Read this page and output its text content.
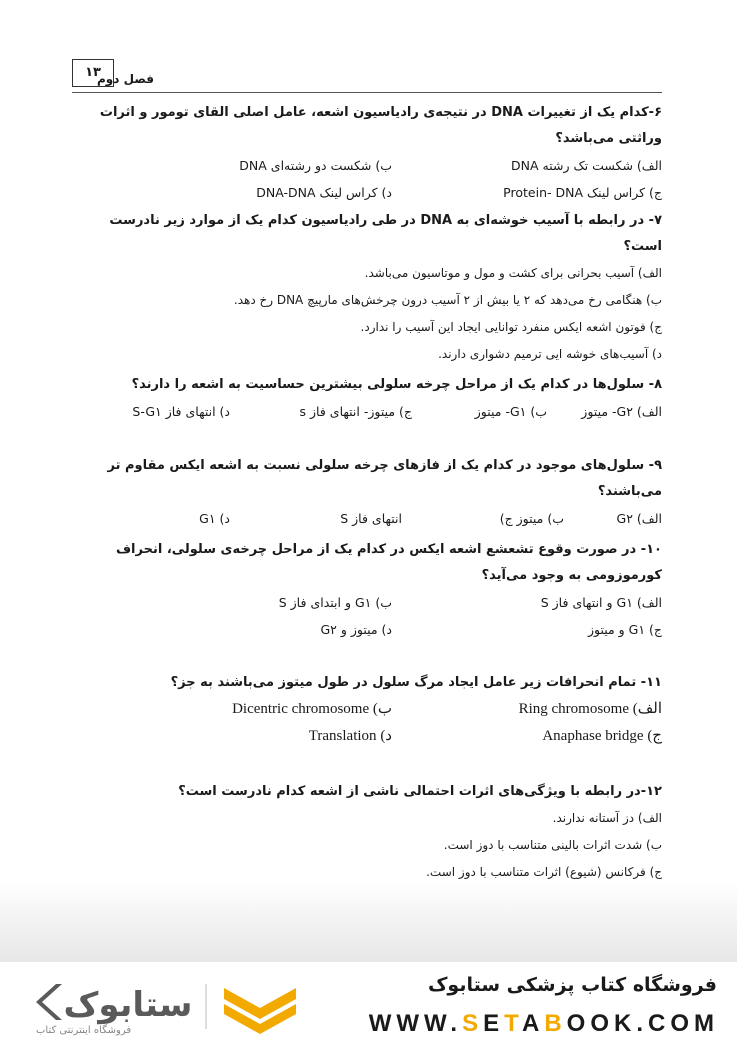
۱۳
فصل دوم
۶-کدام یک از تغییرات DNA در نتیجه‌ی رادیاسیون اشعه، عامل اصلی القای تومور و اثرات وراثتی می‌باشد؟
الف) شکست تک رشته DNA
ب) شکست دو رشته‌ای DNA
ج) کراس لینک Protein- DNA
د) کراس لینک DNA-DNA
۷- در رابطه با آسیب خوشه‌ای به DNA در طی رادیاسیون کدام یک از موارد زیر نادرست است؟
الف) آسیب بحرانی برای کشت و مول و موتاسیون می‌باشد.
ب) هنگامی رخ می‌دهد که ۲ یا بیش از ۲ آسیب درون چرخش‌های مارپیچ DNA رخ دهد.
ج) فوتون اشعه ایکس منفرد توانایی ایجاد این آسیب را ندارد.
د) آسیب‌های خوشه ایی ترمیم دشواری دارند.
۸- سلول‌ها در کدام یک از مراحل چرخه سلولی بیشترین حساسیت به اشعه را دارند؟
الف) G۲- میتوز
ب) G۱- میتوز
ج) میتوز- انتهای فاز s
د) انتهای فاز S-G۱
۹- سلول‌های موجود در کدام یک از فازهای چرخه سلولی نسبت به اشعه ایکس مقاوم تر می‌باشند؟
الف) G۲
ب) میتوز ج)
انتهای فاز S
د) G۱
۱۰- در صورت وقوع تشعشع اشعه ایکس در کدام یک از مراحل چرخه‌ی سلولی، انحراف کورموزومی به وجود می‌آید؟
الف) G۱ و انتهای فاز S
ب) G۱ و ابتدای فاز S
ج) G۱ و میتوز
د) میتوز و G۲
۱۱- تمام انحرافات زیر عامل ایجاد مرگ سلول در طول میتوز می‌باشند به جز؟
الف) Ring chromosome
ب) Dicentric chromosome
ج) Anaphase bridge
د) Translation
۱۲-در رابطه با ویژگی‌های اثرات احتمالی ناشی از اشعه کدام نادرست است؟
الف) دز آستانه ندارند.
ب) شدت اثرات بالینی متناسب با دوز است.
ج) فرکانس (شیوع) اثرات متناسب با دوز است.
ستابوک
فروشگاه اینترنتی کتاب
فروشگاه کتاب پزشکی ستابوک
WWW.SETABOOK.COM
